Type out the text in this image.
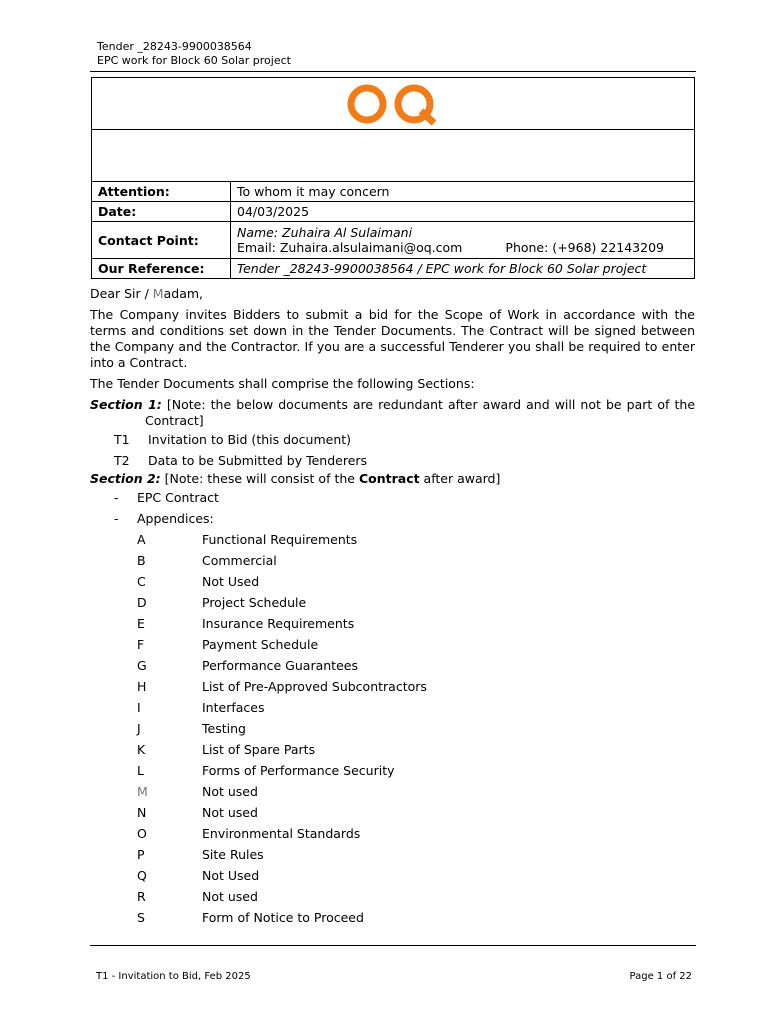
Tender _28243-9900038564
EPC work for Block 60 Solar project
Attention:	To whom it may concern
Date:	04/03/2025
Contact Point:	Name: Zuhaira Al Sulaimani
Email: Zuhaira.alsulaimani@oq.com Phone: (+968) 22143209

Our Reference:	Tender _28243-9900038564 / EPC work for Block 60 Solar project

Dear Sir / Madam,

The Company invites Bidders to submit a bid for the Scope of Work in accordance with the terms and conditions set down in the Tender Documents. The Contract will be signed between the Company and the Contractor. If you are a successful Tenderer you shall be required to enter into a Contract.

The Tender Documents shall comprise the following Sections:

Section 1: [Note: the below documents are redundant after award and will not be part of the Contract]

T1	Invitation to Bid (this document)
T2	Data to be Submitted by Tenderers

Section 2: [Note: these will consist of the Contract after award]

-	EPC Contract
-	Appendices:
A	Functional Requirements
B	Commercial
C	Not Used
D	Project Schedule
E	Insurance Requirements
F	Payment Schedule
G	Performance Guarantees
H	List of Pre-Approved Subcontractors
I	Interfaces
J	Testing
K	List of Spare Parts
L	Forms of Performance Security
M	Not used
N	Not used
O	Environmental Standards
P	Site Rules
Q	Not Used
R	Not used
S	Form of Notice to Proceed
T1 - Invitation to Bid, Feb 2025	Page 1 of 22
